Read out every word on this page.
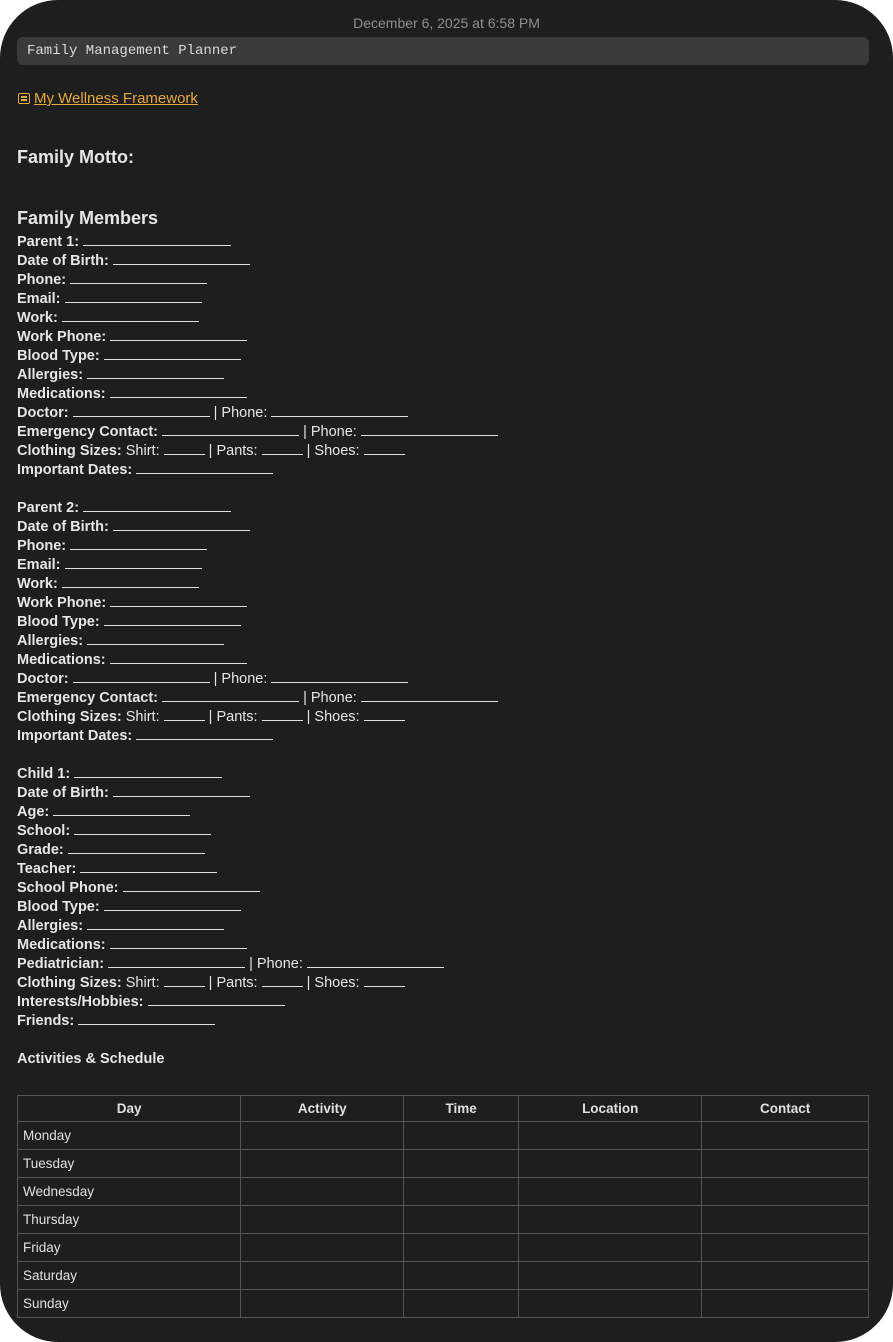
December 6, 2025 at 6:58 PM
Family Management Planner
My Wellness Framework
Family Motto:
Family Members
Parent 1:
Date of Birth:
Phone:
Email:
Work:
Work Phone:
Blood Type:
Allergies:
Medications:
Doctor:	| Phone:
Emergency Contact:	| Phone:
Clothing Sizes: Shirt:	| Pants:	| Shoes:
Important Dates:
Parent 2:
Date of Birth:
Phone:
Email:
Work:
Work Phone:
Blood Type:
Allergies:
Medications:
Doctor:	| Phone:
Emergency Contact:	| Phone:
Clothing Sizes: Shirt:	| Pants:	| Shoes:
Important Dates:
Child 1:
Date of Birth:
Age:
School:
Grade:
Teacher:
School Phone:
Blood Type:
Allergies:
Medications:
Pediatrician:	| Phone:
Clothing Sizes: Shirt:	| Pants:	| Shoes:
Interests/Hobbies:
Friends:
Activities & Schedule
Day	Activity	Time	Location	Contact
Monday				
Tuesday				
Wednesday				
Thursday				
Friday				
Saturday				
Sunday				
